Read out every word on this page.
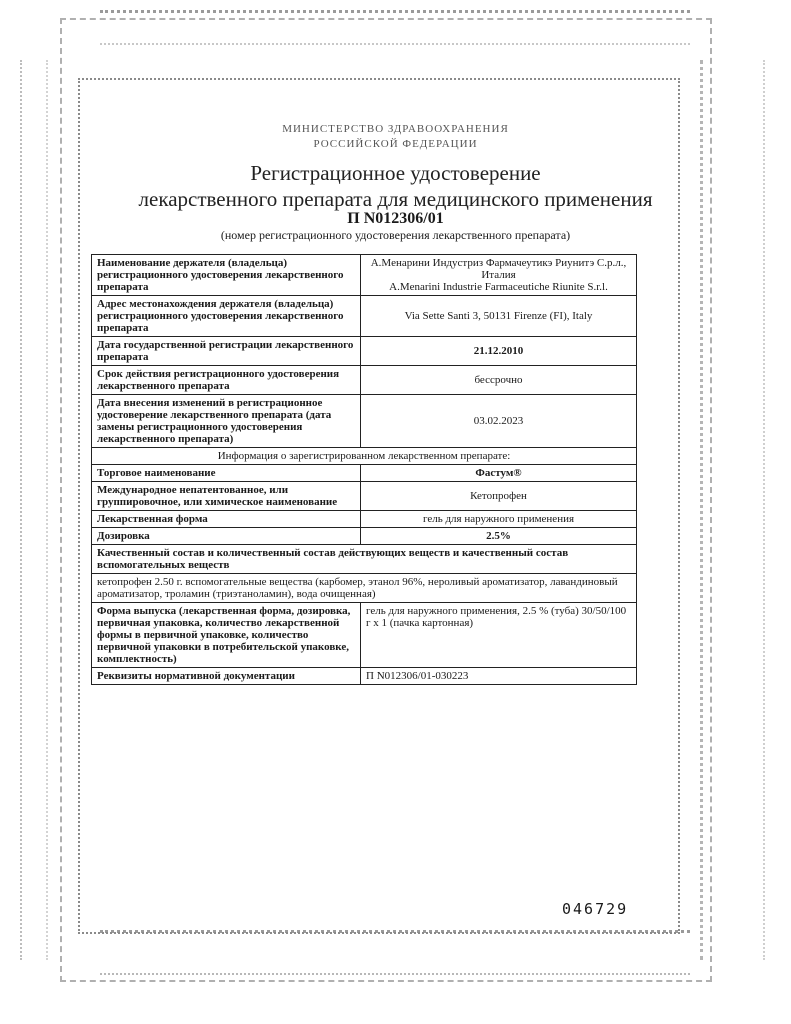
МИНИСТЕРСТВО ЗДРАВООХРАНЕНИЯ
РОССИЙСКОЙ ФЕДЕРАЦИИ
Регистрационное удостоверение
лекарственного препарата для медицинского применения
П N012306/01
(номер регистрационного удостоверения лекарственного препарата)
Наименование держателя (владельца) регистрационного удостоверения лекарственного препарата	А.Менарини Индустриз Фармачеутикэ Риунитэ С.р.л., Италия
A.Menarini Industrie Farmaceutiche Riunite S.r.l.

Адрес местонахождения держателя (владельца) регистрационного удостоверения лекарственного препарата	Via Sette Santi 3, 50131 Firenze (FI), Italy
Дата государственной регистрации лекарственного препарата	21.12.2010
Срок действия регистрационного удостоверения лекарственного препарата	бессрочно
Дата внесения изменений в регистрационное удостоверение лекарственного препарата (дата замены регистрационного удостоверения лекарственного препарата)	03.02.2023
Информация о зарегистрированном лекарственном препарате:	
Торговое наименование	Фастум®
Международное непатентованное, или группировочное, или химическое наименование	Кетопрофен
Лекарственная форма	гель для наружного применения
Дозировка	2.5%
Качественный состав и количественный состав действующих веществ и качественный состав вспомогательных веществ	
кетопрофен 2.50 г. вспомогательные вещества (карбомер, этанол 96%, нероливый ароматизатор, лавандиновый ароматизатор, троламин (триэтаноламин), вода очищенная)	
Форма выпуска (лекарственная форма, дозировка, первичная упаковка, количество лекарственной формы в первичной упаковке, количество первичной упаковки в потребительской упаковке, комплектность)	гель для наружного применения, 2.5 % (туба) 30/50/100 г x 1 (пачка картонная)
Реквизиты нормативной документации	П N012306/01-030223
046729
